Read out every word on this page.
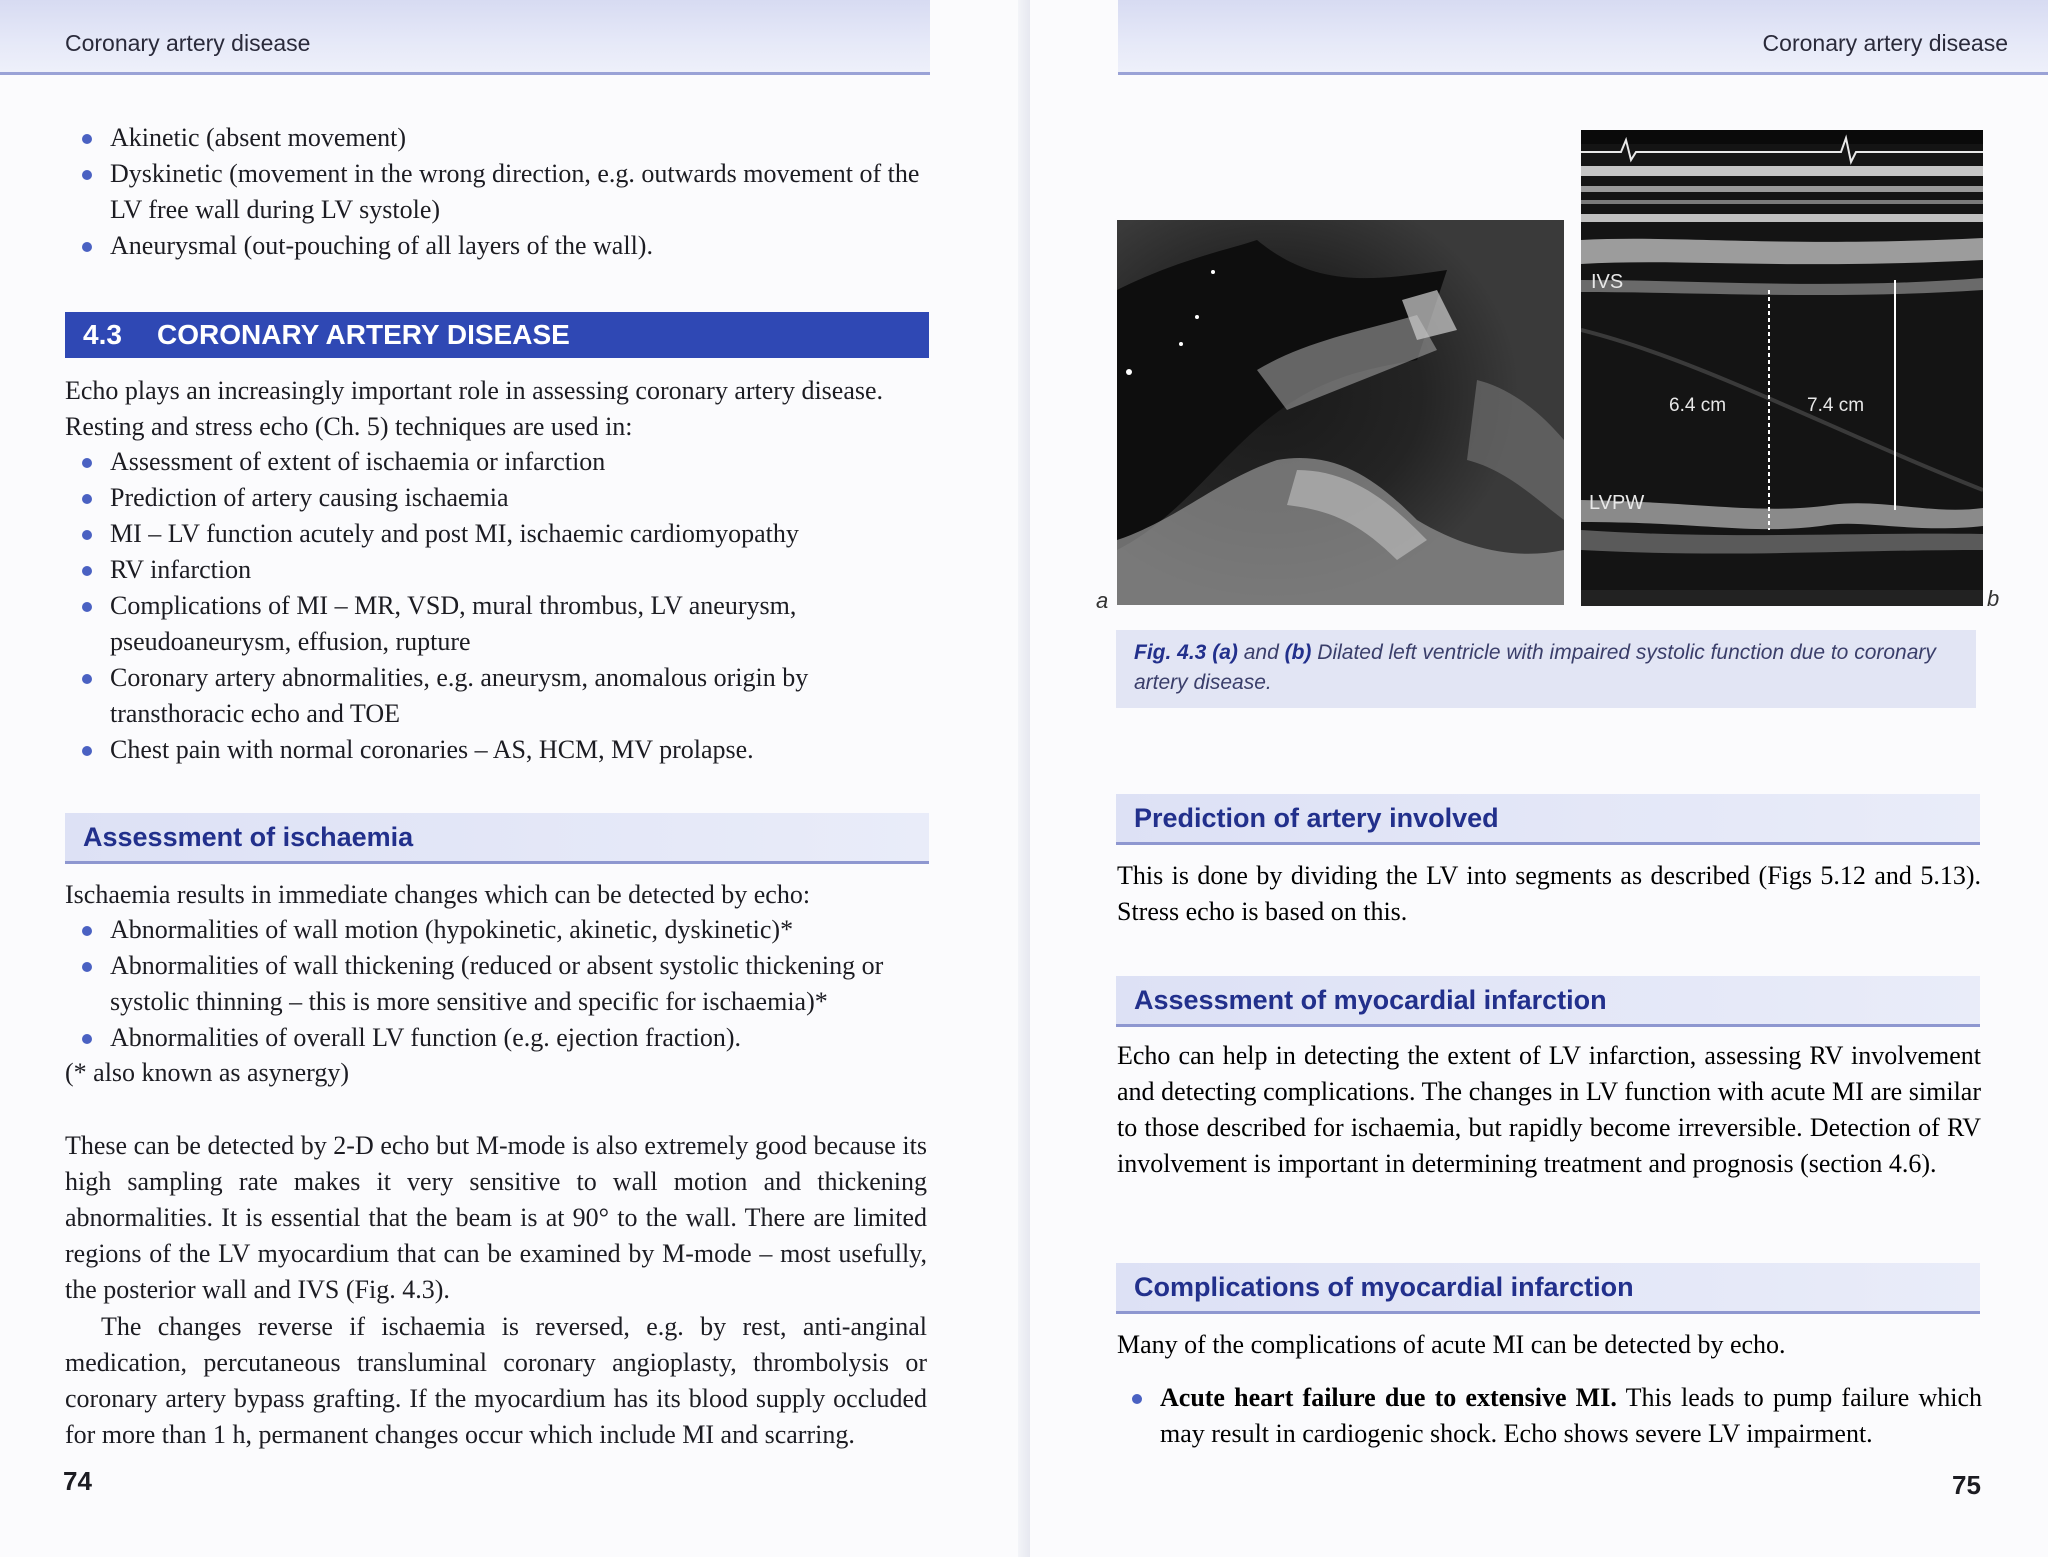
Coronary artery disease
Akinetic (absent movement)
Dyskinetic (movement in the wrong direction, e.g. outwards movement of the LV free wall during LV systole)
Aneurysmal (out-pouching of all layers of the wall).
4.3 CORONARY ARTERY DISEASE
Echo plays an increasingly important role in assessing coronary artery disease. Resting and stress echo (Ch. 5) techniques are used in:
Assessment of extent of ischaemia or infarction
Prediction of artery causing ischaemia
MI – LV function acutely and post MI, ischaemic cardiomyopathy
RV infarction
Complications of MI – MR, VSD, mural thrombus, LV aneurysm, pseudoaneurysm, effusion, rupture
Coronary artery abnormalities, e.g. aneurysm, anomalous origin by transthoracic echo and TOE
Chest pain with normal coronaries – AS, HCM, MV prolapse.
Assessment of ischaemia
Ischaemia results in immediate changes which can be detected by echo:
Abnormalities of wall motion (hypokinetic, akinetic, dyskinetic)*
Abnormalities of wall thickening (reduced or absent systolic thickening or systolic thinning – this is more sensitive and specific for ischaemia)*
Abnormalities of overall LV function (e.g. ejection fraction).
(* also known as asynergy)
These can be detected by 2-D echo but M-mode is also extremely good because its high sampling rate makes it very sensitive to wall motion and thickening abnormalities. It is essential that the beam is at 90° to the wall. There are limited regions of the LV myocardium that can be examined by M-mode – most usefully, the posterior wall and IVS (Fig. 4.3).
The changes reverse if ischaemia is reversed, e.g. by rest, anti-anginal medication, percutaneous transluminal coronary angioplasty, thrombolysis or coronary artery bypass grafting. If the myocardium has its blood supply occluded for more than 1 h, permanent changes occur which include MI and scarring.
74
Coronary artery disease
a
IVS
LVPW
6.4 cm	7.4 cm
b

Fig. 4.3 (a) and (b) Dilated left ventricle with impaired systolic function due to coronary artery disease.

Prediction of artery involved
This is done by dividing the LV into segments as described (Figs 5.12 and 5.13). Stress echo is based on this.
Assessment of myocardial infarction
Echo can help in detecting the extent of LV infarction, assessing RV involvement and detecting complications. The changes in LV function with acute MI are similar to those described for ischaemia, but rapidly become irreversible. Detection of RV involvement is important in determining treatment and prognosis (section 4.6).
Complications of myocardial infarction
Many of the complications of acute MI can be detected by echo.
Acute heart failure due to extensive MI. This leads to pump failure which may result in cardiogenic shock. Echo shows severe LV impairment.
75
